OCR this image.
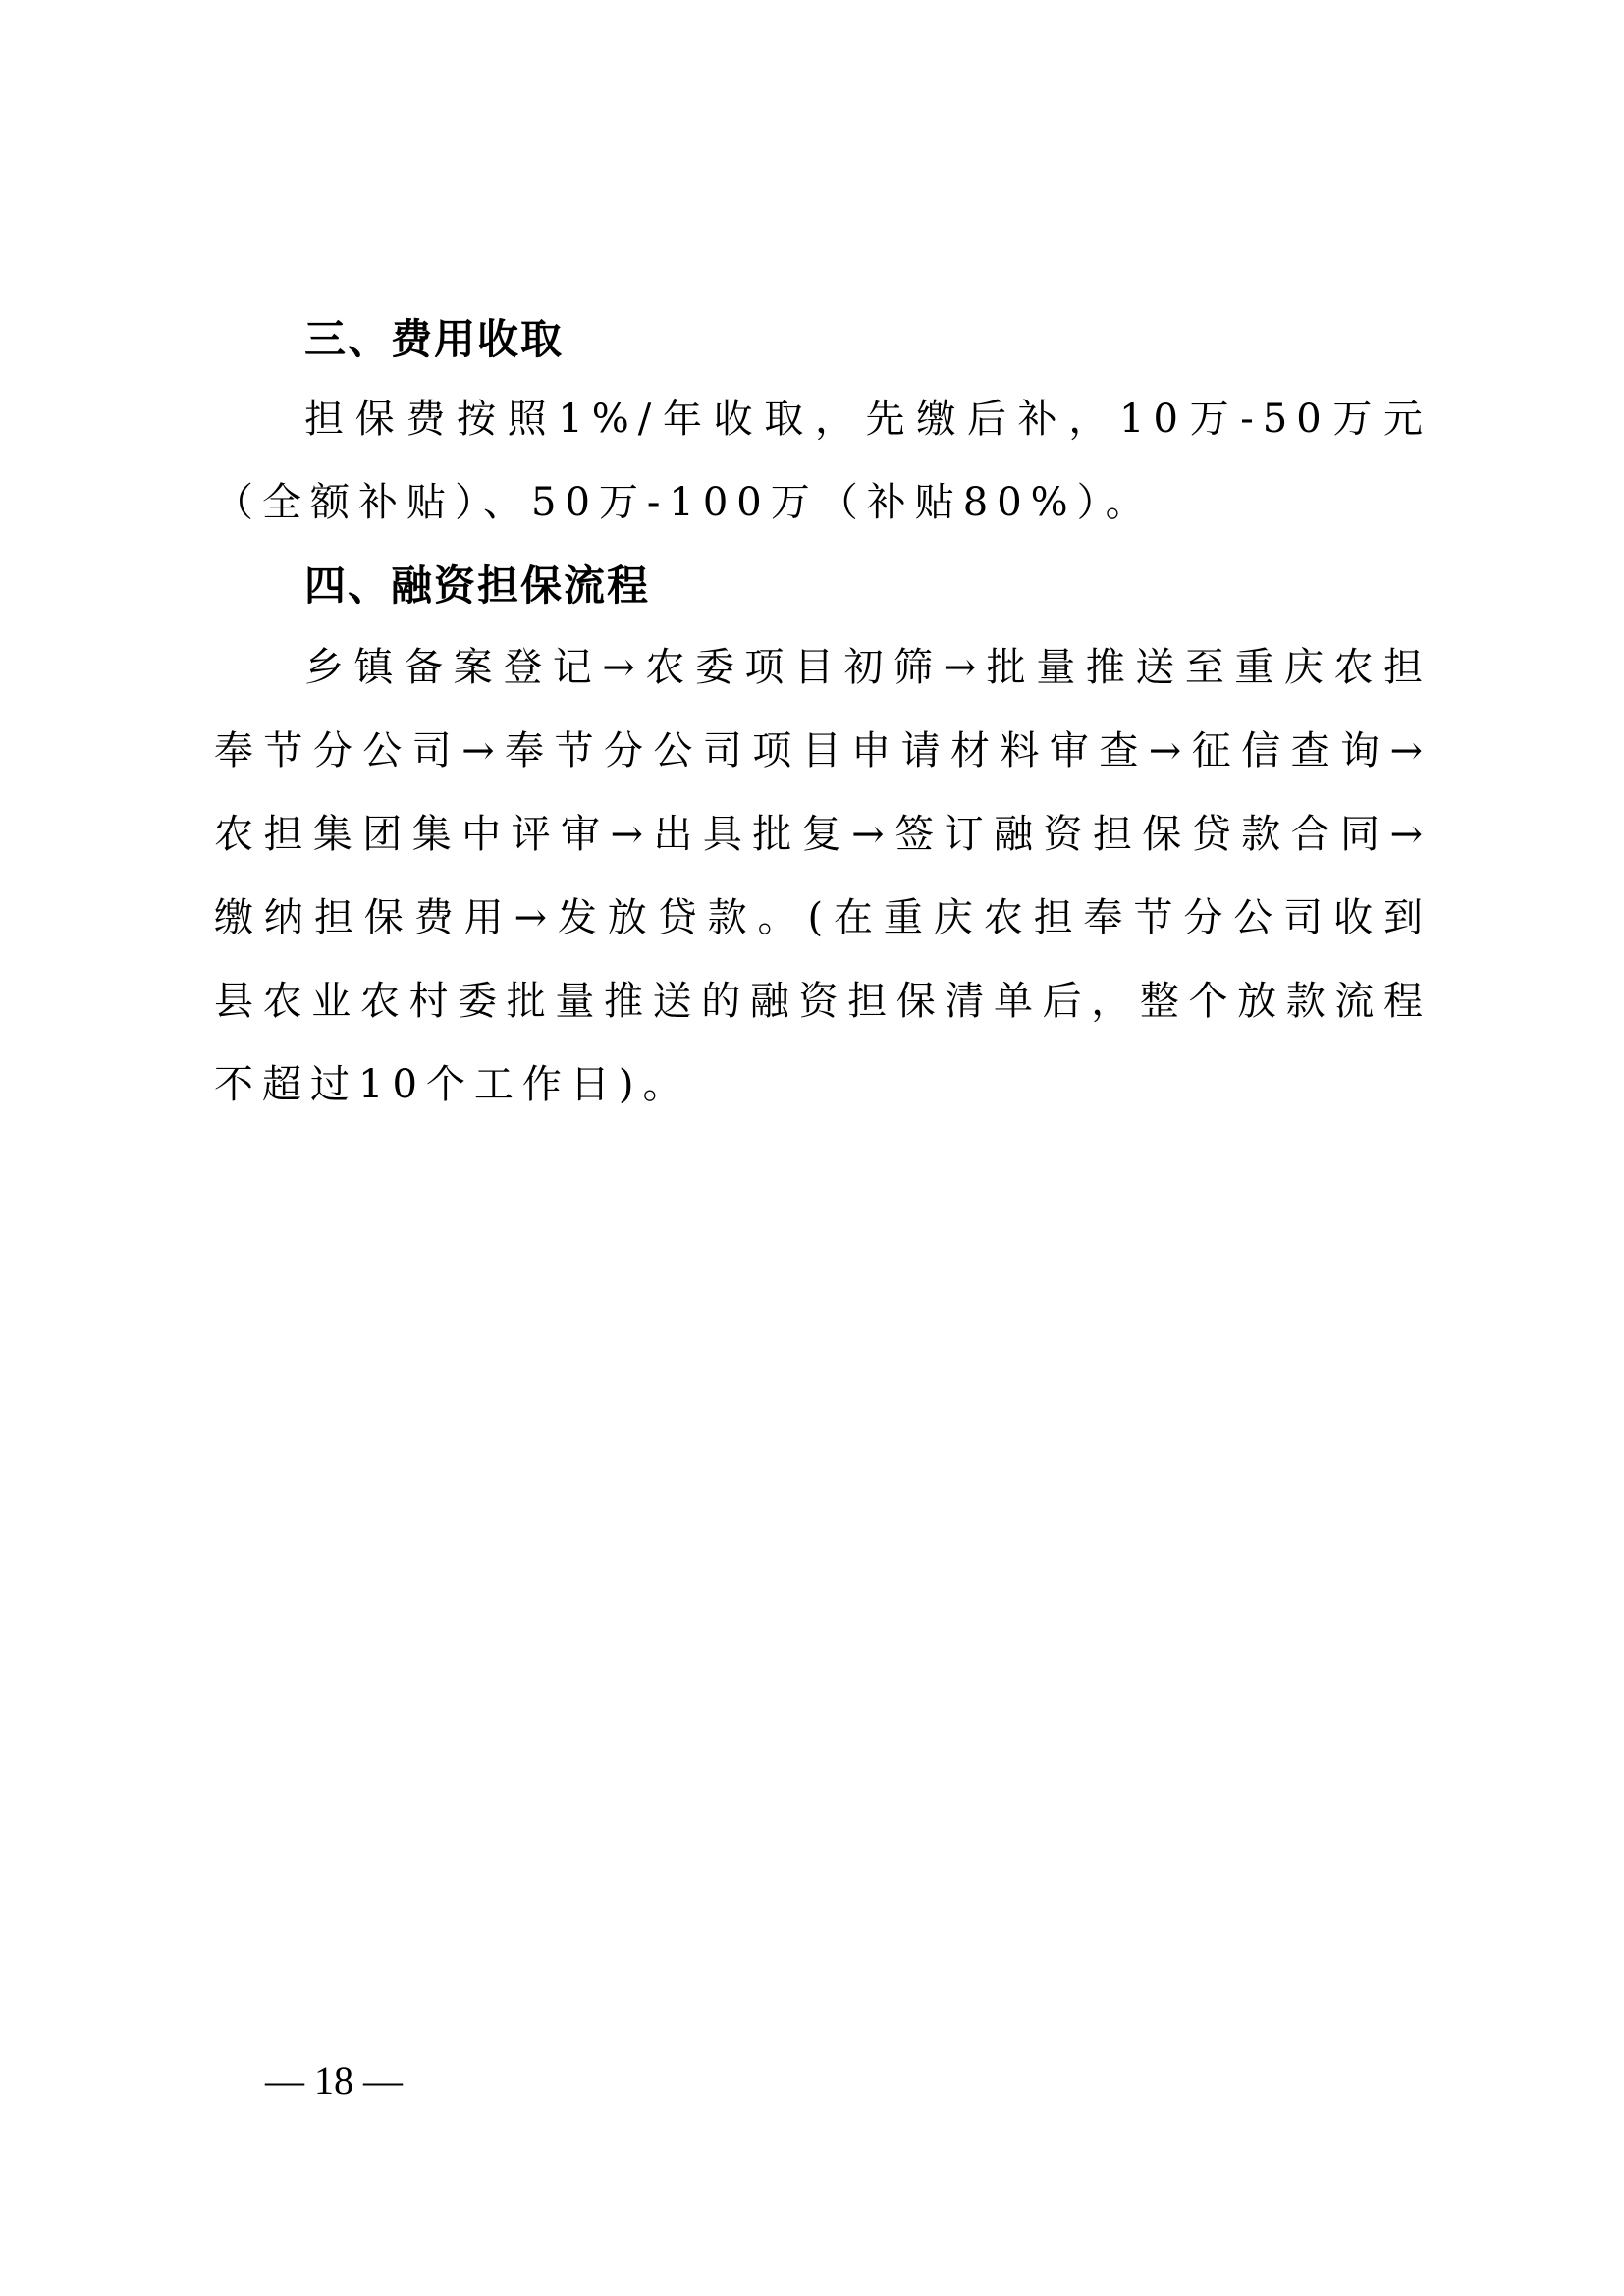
三、费用收取

担保费按照1%/年收取，先缴后补，10万-50万元（全额补贴）、50万-100万（补贴80%）。

四、融资担保流程

乡镇备案登记→农委项目初筛→批量推送至重庆农担奉节分公司→奉节分公司项目申请材料审查→征信查询→农担集团集中评审→出具批复→签订融资担保贷款合同→缴纳担保费用→发放贷款。(在重庆农担奉节分公司收到县农业农村委批量推送的融资担保清单后，整个放款流程不超过10个工作日)。

— 18 —
